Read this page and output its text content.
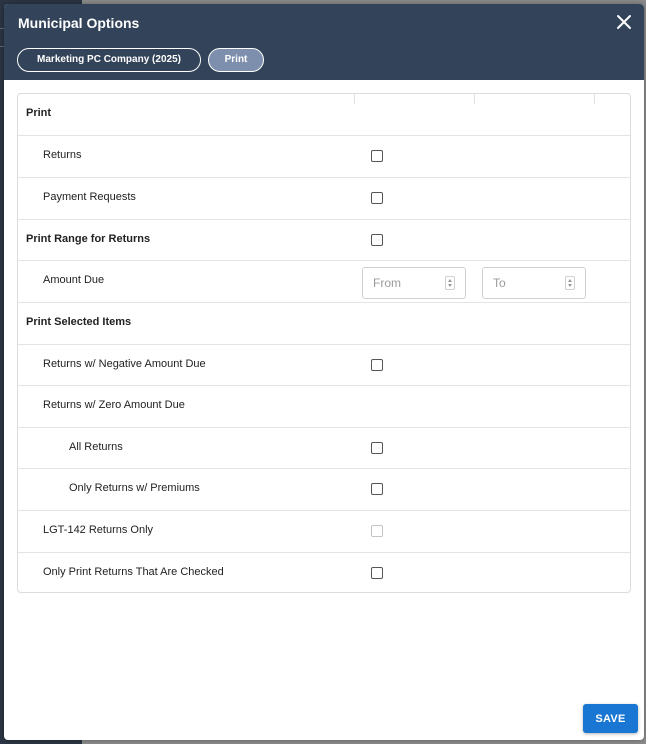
Municipal Options
Marketing PC Company (2025)	Print
Print
Returns
Payment Requests
Print Range for Returns
Amount Due	From	To
Print Selected Items
Returns w/ Negative Amount Due
Returns w/ Zero Amount Due
All Returns
Only Returns w/ Premiums
LGT-142 Returns Only
Only Print Returns That Are Checked
SAVE
